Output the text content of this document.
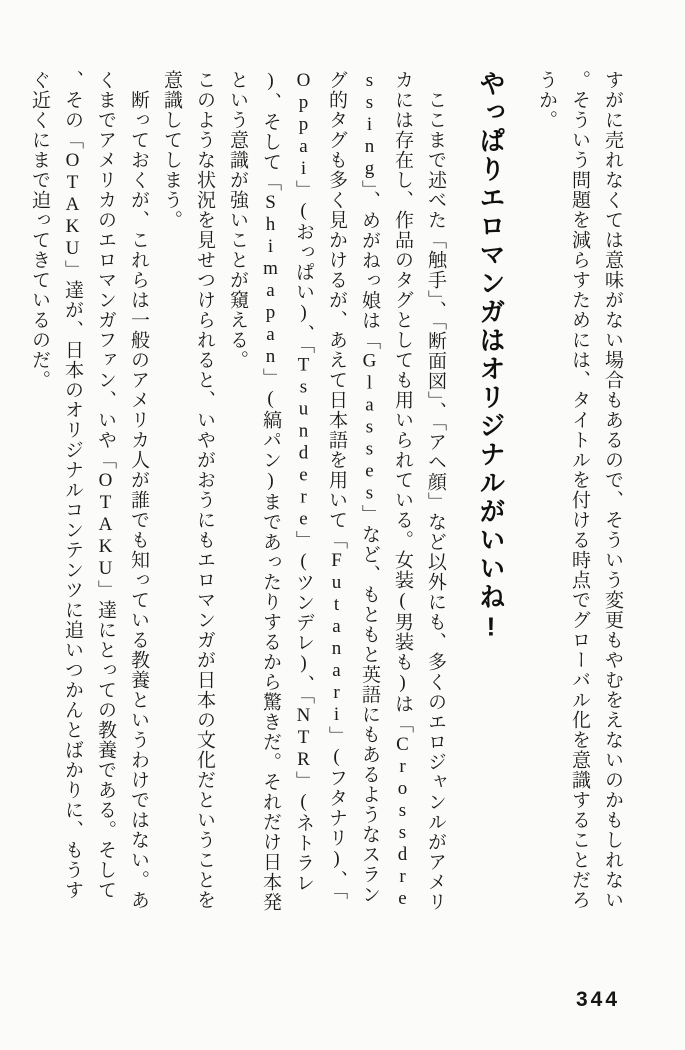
すがに売れなくては意味がない場合もあるので、そういう変更もやむをえないのかもしれない。そういう問題を減らすためには、タイトルを付ける時点でグローバル化を意識することだろうか。

やっぱりエロマンガはオリジナルがいいね!

ここまで述べた「触手」、「断面図」、「アヘ顔」など以外にも、多くのエロジャンルがアメリカには存在し、作品のタグとしても用いられている。女装(男装も)は「Crossdressing」、めがねっ娘は「Glasses」など、もともと英語にもあるようなスラング的タグも多く見かけるが、あえて日本語を用いて「Futanari」(フタナリ)、「Oppai」(おっぱい)、「Tsundere」(ツンデレ)、「NTR」(ネトラレ)、そして「Shimapan」(縞パン)まであったりするから驚きだ。それだけ日本発という意識が強いことが窺える。

このような状況を見せつけられると、いやがおうにもエロマンガが日本の文化だということを意識してしまう。

断っておくが、これらは一般のアメリカ人が誰でも知っている教養というわけではない。あくまでアメリカのエロマンガファン、いや「OTAKU」達にとっての教養である。そして、その「OTAKU」達が、日本のオリジナルコンテンツに追いつかんとばかりに、もうすぐ近くにまで迫ってきているのだ。

344
